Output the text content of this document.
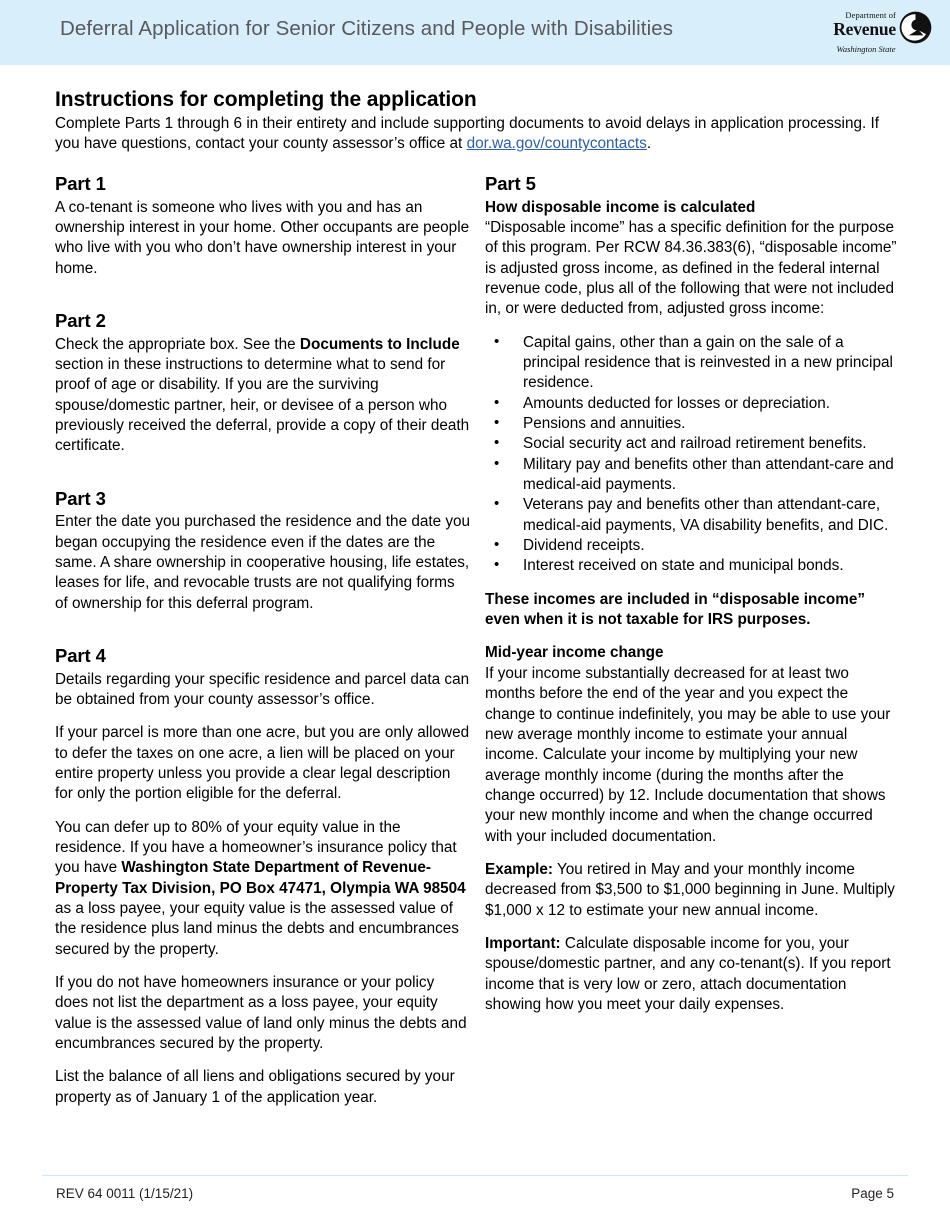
Deferral Application for Senior Citizens and People with Disabilities
Department of
Revenue
Washington State
Instructions for completing the application

Complete Parts 1 through 6 in their entirety and include supporting documents to avoid delays in application processing. If you have questions, contact your county assessor’s office at dor.wa.gov/countycontacts.

Part 1

A co-tenant is someone who lives with you and has an ownership interest in your home. Other occupants are people who live with you who don’t have ownership interest in your home.

Part 2

Check the appropriate box. See the Documents to Include section in these instructions to determine what to send for proof of age or disability. If you are the surviving spouse/domestic partner, heir, or devisee of a person who previously received the deferral, provide a copy of their death certificate.

Part 3

Enter the date you purchased the residence and the date you began occupying the residence even if the dates are the same. A share ownership in cooperative housing, life estates, leases for life, and revocable trusts are not qualifying forms of ownership for this deferral program.

Part 4

Details regarding your specific residence and parcel data can be obtained from your county assessor’s office.

If your parcel is more than one acre, but you are only allowed to defer the taxes on one acre, a lien will be placed on your entire property unless you provide a clear legal description for only the portion eligible for the deferral.

You can defer up to 80% of your equity value in the residence. If you have a homeowner’s insurance policy that you have Washington State Department of Revenue-Property Tax Division, PO Box 47471, Olympia WA 98504 as a loss payee, your equity value is the assessed value of the residence plus land minus the debts and encumbrances secured by the property.

If you do not have homeowners insurance or your policy does not list the department as a loss payee, your equity value is the assessed value of land only minus the debts and encumbrances secured by the property.

List the balance of all liens and obligations secured by your property as of January 1 of the application year.

Part 5

How disposable income is calculated

“Disposable income” has a specific definition for the purpose of this program. Per RCW 84.36.383(6), “disposable income” is adjusted gross income, as defined in the federal internal revenue code, plus all of the following that were not included in, or were deducted from, adjusted gross income:

• Capital gains, other than a gain on the sale of a principal residence that is reinvested in a new principal residence.
• Amounts deducted for losses or depreciation.
• Pensions and annuities.
• Social security act and railroad retirement benefits.
• Military pay and benefits other than attendant-care and medical-aid payments.
• Veterans pay and benefits other than attendant-care, medical-aid payments, VA disability benefits, and DIC.
• Dividend receipts.
• Interest received on state and municipal bonds.

These incomes are included in “disposable income” even when it is not taxable for IRS purposes.

Mid-year income change

If your income substantially decreased for at least two months before the end of the year and you expect the change to continue indefinitely, you may be able to use your new average monthly income to estimate your annual income. Calculate your income by multiplying your new average monthly income (during the months after the change occurred) by 12. Include documentation that shows your new monthly income and when the change occurred with your included documentation.

Example: You retired in May and your monthly income decreased from $3,500 to $1,000 beginning in June. Multiply $1,000 x 12 to estimate your new annual income.

Important: Calculate disposable income for you, your spouse/domestic partner, and any co-tenant(s). If you report income that is very low or zero, attach documentation showing how you meet your daily expenses.

REV 64 0011 (1/15/21)	Page 5
